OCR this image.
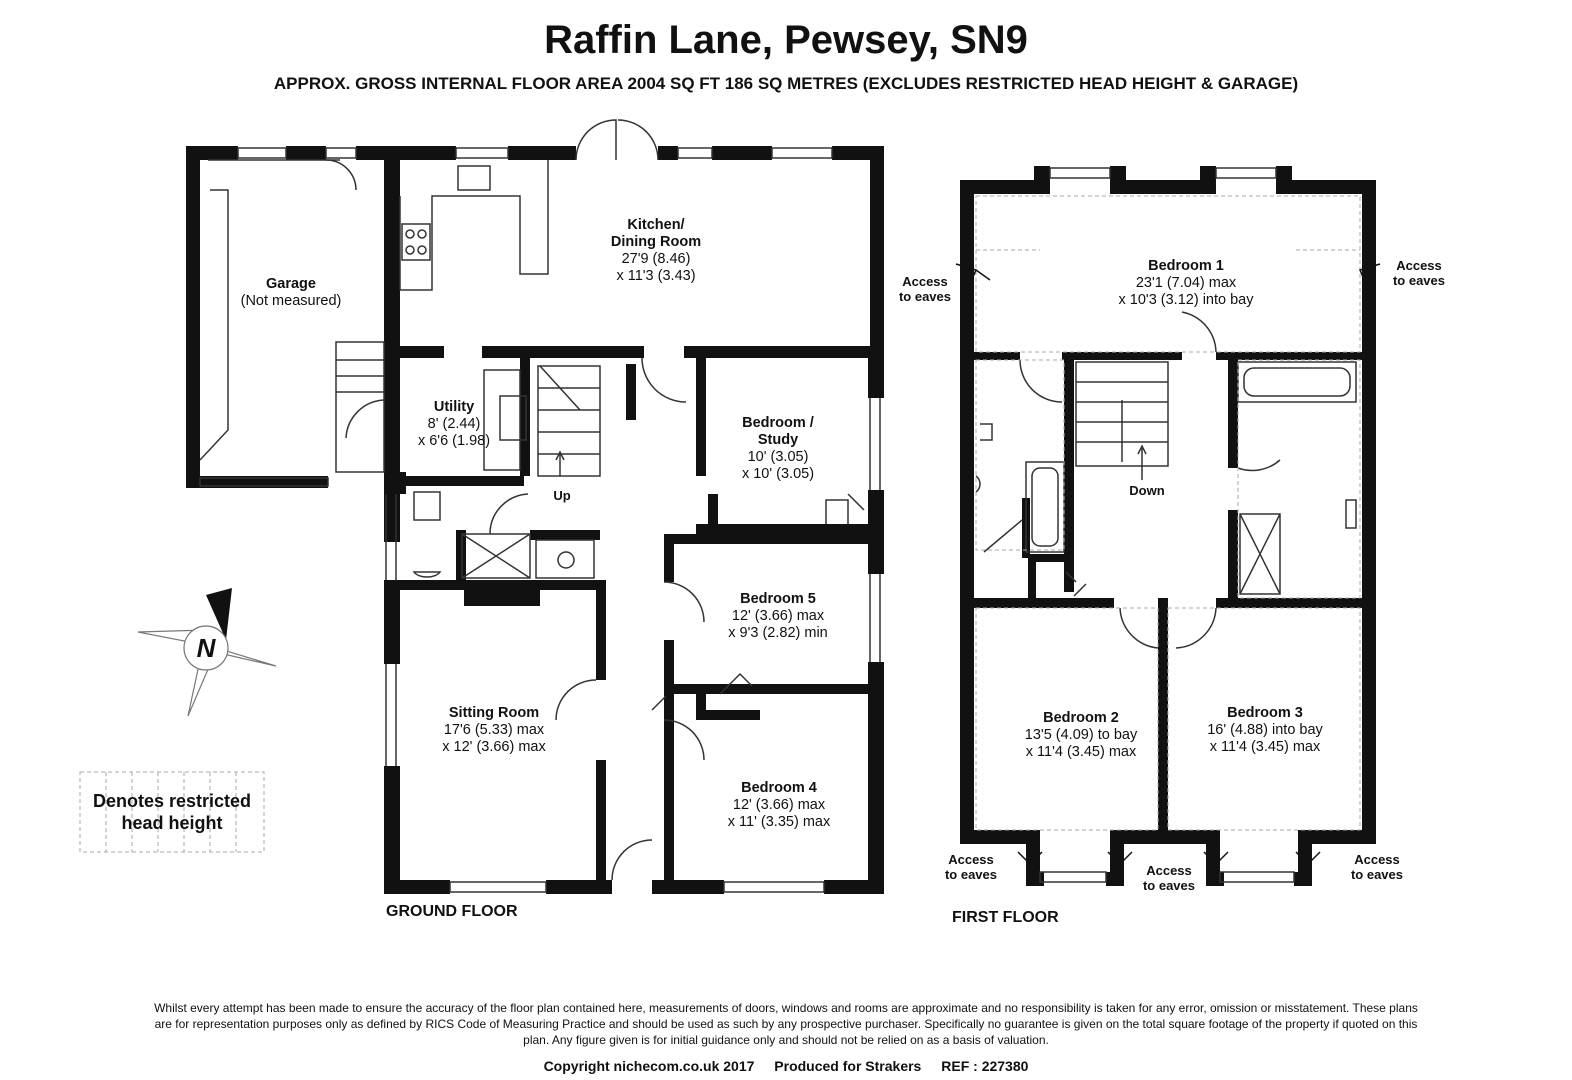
Raffin Lane, Pewsey, SN9
APPROX. GROSS INTERNAL FLOOR AREA 2004 SQ FT 186 SQ METRES (EXCLUDES RESTRICTED HEAD HEIGHT & GARAGE)
N
Garage
(Not measured)
Kitchen/
Dining Room
27'9 (8.46)
x 11'3 (3.43)
Utility
8' (2.44)
x 6'6 (1.98)
Bedroom /
Study
10' (3.05)
x 10' (3.05)
Bedroom 5
12' (3.66) max
x 9'3 (2.82) min
Sitting Room
17'6 (5.33) max
x 12' (3.66) max
Bedroom 4
12' (3.66) max
x 11' (3.35) max
Up
GROUND FLOOR
Bedroom 1
23'1 (7.04) max
x 10'3 (3.12) into bay
Bedroom 2
13'5 (4.09) to bay
x 11'4 (3.45) max
Bedroom 3
16' (4.88) into bay
x 11'4 (3.45) max
Down
FIRST FLOOR
Access
to eaves
Access
to eaves
Access
to eaves	Access
to eaves
Access
to eaves
Denotes restricted
head height
Whilst every attempt has been made to ensure the accuracy of the floor plan contained here, measurements of doors, windows and rooms are approximate and no responsibility is taken for any error, omission or misstatement. These plans are for representation purposes only as defined by RICS Code of Measuring Practice and should be used as such by any prospective purchaser. Specifically no guarantee is given on the total square footage of the property if quoted on this plan. Any figure given is for initial guidance only and should not be relied on as a basis of valuation.
Copyright nichecom.co.uk 2017 Produced for Strakers REF : 227380
